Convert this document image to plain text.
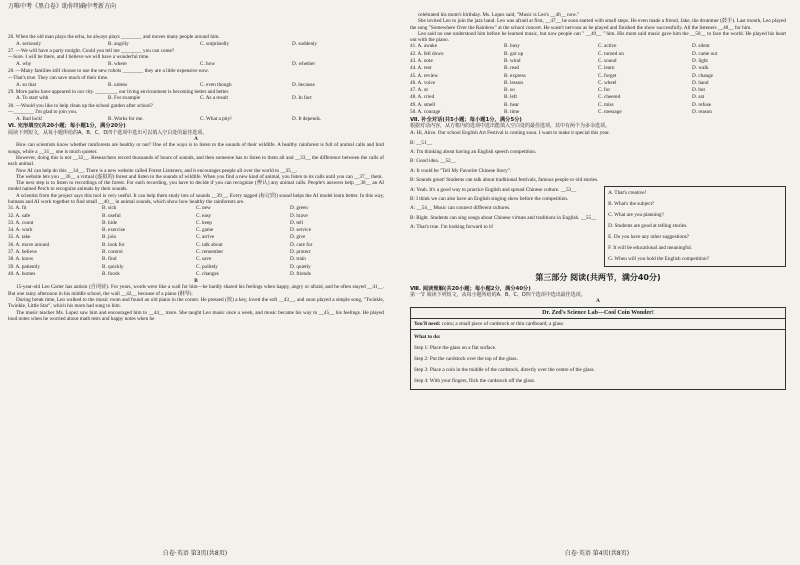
万唯中考《黑白卷》助你明确中考新方向
26. When the old man plays the erhu, he always plays ________ and moves many people around him.
A. seriously	B. angrily	C. surprisedly	D. suddenly
27. —We will have a party tonight. Could you tell me ________ you can come?
—Sure. I will be there, and I believe we will have a wonderful time.
A. why	B. where	C. how	D. whether
28. —Many families still choose to use the new robots ________ they are a little expensive now.
—That's true. They can save much of their time.
A. so that	B. unless	C. even though	D. because
29. More parks have appeared in our city. ________, our living environment is becoming better and better.
A. To start with	B. For example	C. As a result	D. In fact
30. —Would you like to help clean up the school garden after school?
—________ I'm glad to join you.
A. Bad luck!	B. Works for me.	C. What a pity!	D. It depends.
Ⅵ. 完形填空(共20小题；每小题1分，满分20分)
阅读下列短文，从每小题所给的A、B、C、D四个选项中选出可以填入空白处的最佳选项。
A

How can scientists know whether rainforests are healthy or not? One of the ways is to listen to the sounds of their wildlife. A healthy rainforest is full of animal calls and bird songs, while a __31__ one is much quieter.

However, doing this is not __32__. Researchers record thousands of hours of sounds, and then someone has to listen to them all and __33__ the difference between the calls of each animal.

Now AI can help do this __34__. There is a new website called Forest Listeners, and it encourages people all over the world to __35__.

The website lets you __36__ a virtual (虚拟的) forest and listen to the sounds of wildlife. When you find a new kind of animal, you listen to its calls until you can __37__ them.

The next step is to listen to recordings of the forest. For each recording, you have to decide if you can recognize (辨认) any animal calls. People's answers help __38__ an AI model named Perch to recognize animals by their sounds.

A scientist from the project says this tool is very useful. It can help them study lots of sounds __39__. Every tagged (标记的) sound helps the AI model learn better. In this way, humans and AI work together to find small __40__ in animal sounds, which show how healthy the rainforests are.

31. A. fit	B. sick	C. new	D. green
32. A. safe	B. useful	C. easy	D. brave
33. A. count	B. hide	C. keep	D. tell
34. A. work	B. exercise	C. game	D. service
35. A. take	B. join	C. arrive	D. give
36. A. move around	B. look for	C. talk about	D. care for
37. A. believe	B. control	C. remember	D. protect
38. A. know	B. find	C. save	D. train
39. A. patiently	B. quickly	C. politely	D. quietly
40. A. homes	B. foods	C. changes	D. friends
B

15-year-old Leo Carter has autism (自闭症). For years, words were like a wall for him—he hardly shared his feelings when happy, angry or afraid, and he often stayed __41__. But one rainy afternoon in his middle school, the wall __42__ because of a piano (钢琴).

During break time, Leo walked to the music room and found an old piano in the corner. He pressed (按) a key, loved the soft __43__, and soon played a simple song, "Twinkle, Twinkle, Little Star", which his mom had sung to him.

The music teacher Ms. Lopez saw him and encouraged him to __44__ more. She taught Leo music once a week, and music became his way to __45__ his feelings. He played loud notes when he worried about math tests and happy notes when he

白卷·英语 第3页(共8页)

celebrated his mom's birthday. Ms. Lopez said, "Music is Leo's __46__ now."

She invited Leo to join the jazz band. Leo was afraid at first, __47__ he soon started with small steps. He even made a friend, Jake, the drummer (鼓手). Last month, Leo played the song "Somewhere Over the Rainbow" at the school concert. He wasn't nervous as he played and finished the show successfully. All the listeners __48__ for him.

Leo said no one understood him before he learned music, but now people can " __49__ " him. His mom said music gave him the __50__ to face the world. He played his heart out with the piano.

41. A. awake	B. busy	C. active	D. silent
42. A. fell down	B. got up	C. turned on	D. came out
43. A. note	B. wind	C. sound	D. light
44. A. rest	B. read	C. learn	D. walk
45. A. review	B. express	C. forget	D. change
46. A. voice	B. lesson	C. wheel	D. hand
47. A. or	B. so	C. for	D. but
48. A. cried	B. left	C. cheered	D. sat
49. A. smell	B. hear	C. miss	D. refuse
50. A. courage	B. time	C. message	D. reason
Ⅶ. 补全对话(共5小题；每小题1分，满分5分)
根据对话内容，从方框内的选项中选出能填入空白处的最佳选项，其中有两个为多余选项。
A: Hi, Alice. Our school English Art Festival is coming soon. I want to make it special this year.
B: __51__
A: I'm thinking about having an English speech competition.
B: Good idea. __52__
A: It could be "Tell My Favorite Chinese Story".
B: Sounds great! Students can talk about traditional festivals, famous people or old stories.
A: Yeah. It's a good way to practice English and spread Chinese culture. __53__
B: I think we can also have an English singing show before the competition.
A: __54__ Music can connect different cultures.
B: Right. Students can sing songs about Chinese virtues and traditions in English. __55__
A: That's true. I'm looking forward to it!
A. That's creative!
B. What's the subject?
C. What are you planning?
D. Students are good at telling stories.
E. Do you have any other suggestions?
F. It will be educational and meaningful.
G. When will you hold the English competition?
第三部分 阅读(共两节，满分40分)
Ⅷ. 阅读理解(共20小题；每小题2分，满分40分)
第一节 阅读下列短文，从每小题所给的A、B、C、D四个选项中选出最佳选项。
A
Dr. Zed's Science Lab—Cool Coin Wonder!
You'll need: coins; a small piece of cardstock or thin cardboard; a glass
What to do:
Step 1: Place the glass on a flat surface.
Step 2: Put the cardstock over the top of the glass.
Step 3: Place a coin in the middle of the cardstock, directly over the centre of the glass.
Step 4: With your fingers, flick the cardstock off the glass.
白卷·英语 第4页(共8页)
